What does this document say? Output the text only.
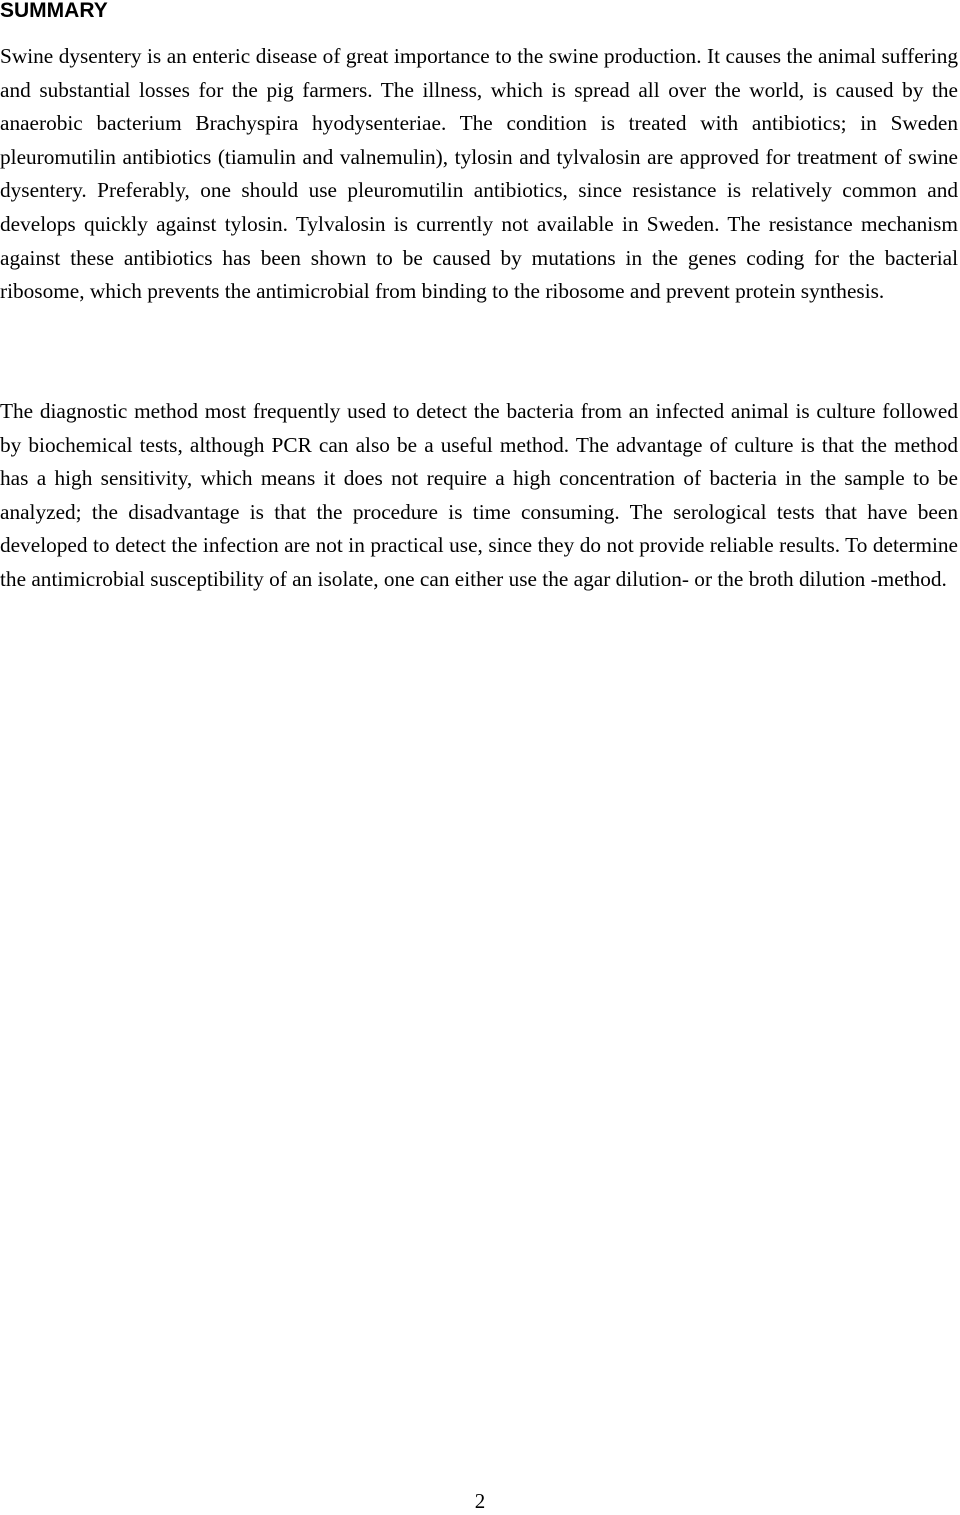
SUMMARY

Swine dysentery is an enteric disease of great importance to the swine production. It causes the animal suffering and substantial losses for the pig farmers. The illness, which is spread all over the world, is caused by the anaerobic bacterium Brachyspira hyodysenteriae. The condition is treated with antibiotics; in Sweden pleuromutilin antibiotics (tiamulin and valnemulin), tylosin and tylvalosin are approved for treatment of swine dysentery. Preferably, one should use pleuromutilin antibiotics, since resistance is relatively common and develops quickly against tylosin. Tylvalosin is currently not available in Sweden. The resistance mechanism against these antibiotics has been shown to be caused by mutations in the genes coding for the bacterial ribosome, which prevents the antimicrobial from binding to the ribosome and prevent protein synthesis.

The diagnostic method most frequently used to detect the bacteria from an infected animal is culture followed by biochemical tests, although PCR can also be a useful method. The advantage of culture is that the method has a high sensitivity, which means it does not require a high concentration of bacteria in the sample to be analyzed; the disadvantage is that the procedure is time consuming. The serological tests that have been developed to detect the infection are not in practical use, since they do not provide reliable results. To determine the antimicrobial susceptibility of an isolate, one can either use the agar dilution- or the broth dilution -method.

2
